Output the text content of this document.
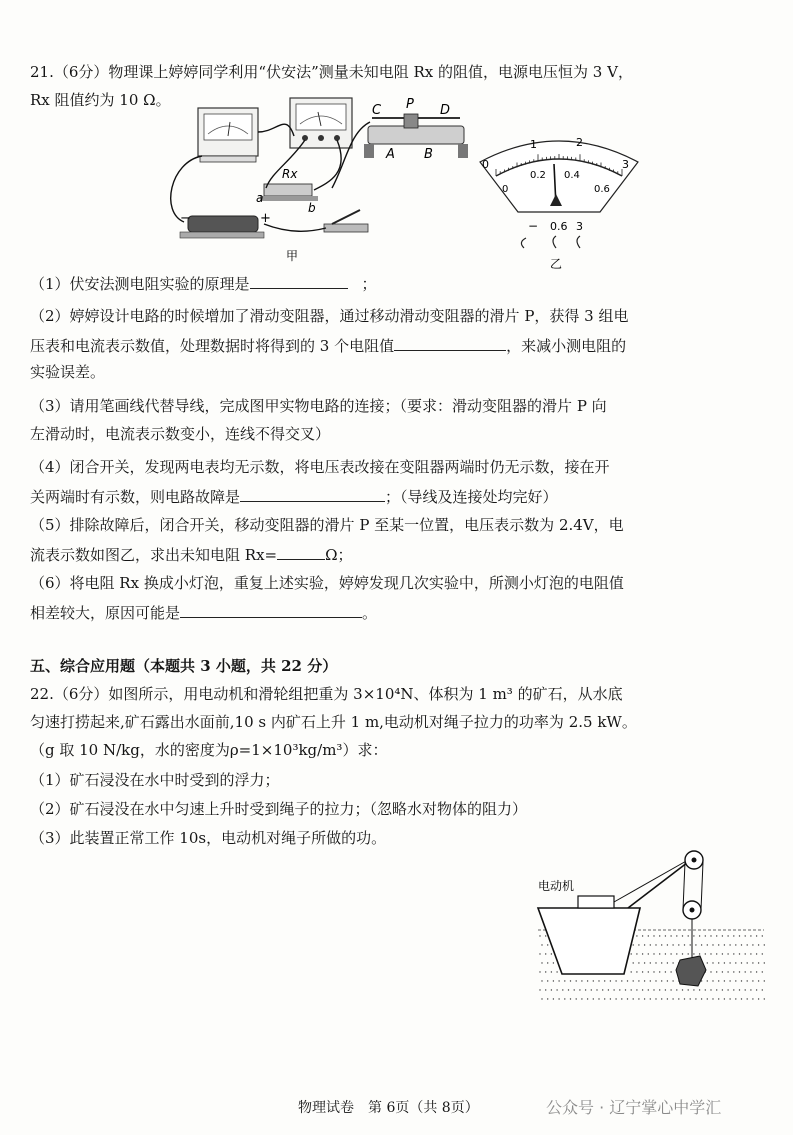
21.（6分）物理课上婷婷同学利用“伏安法”测量未知电阻 Rx 的阻值，电源电压恒为 3 V，
Rx 阻值约为 10 Ω。
C P D
A B
Rx
a
b
−	+
甲
0
1	2
3
0
0.2 0.4
0.6
− 0.6 3
乙
（1）伏安法测电阻实验的原理是	；
（2）婷婷设计电路的时候增加了滑动变阻器，通过移动滑动变阻器的滑片 P，获得 3 组电
压表和电流表示数值，处理数据时将得到的 3 个电阻值	，来减小测电阻的
实验误差。
（3）请用笔画线代替导线，完成图甲实物电路的连接；（要求：滑动变阻器的滑片 P 向
左滑动时，电流表示数变小，连线不得交叉）
（4）闭合开关，发现两电表均无示数，将电压表改接在变阻器两端时仍无示数，接在开
关两端时有示数，则电路故障是	；（导线及连接处均完好）
（5）排除故障后，闭合开关，移动变阻器的滑片 P 至某一位置，电压表示数为 2.4V，电
流表示数如图乙，求出未知电阻 Rx=	Ω；
（6）将电阻 Rx 换成小灯泡，重复上述实验，婷婷发现几次实验中，所测小灯泡的电阻值
相差较大，原因可能是	。
五、综合应用题（本题共 3 小题，共 22 分）
22.（6分）如图所示，用电动机和滑轮组把重为 3×10⁴N、体积为 1 m³ 的矿石，从水底
匀速打捞起来,矿石露出水面前,10 s 内矿石上升 1 m,电动机对绳子拉力的功率为 2.5 kW。
（g 取 10 N/kg，水的密度为ρ=1×10³kg/m³）求：
（1）矿石浸没在水中时受到的浮力；
（2）矿石浸没在水中匀速上升时受到绳子的拉力；（忽略水对物体的阻力）
（3）此装置正常工作 10s，电动机对绳子所做的功。
电动机
物理试卷　第 6页（共 8页）	公众号 · 辽宁掌心中学汇
